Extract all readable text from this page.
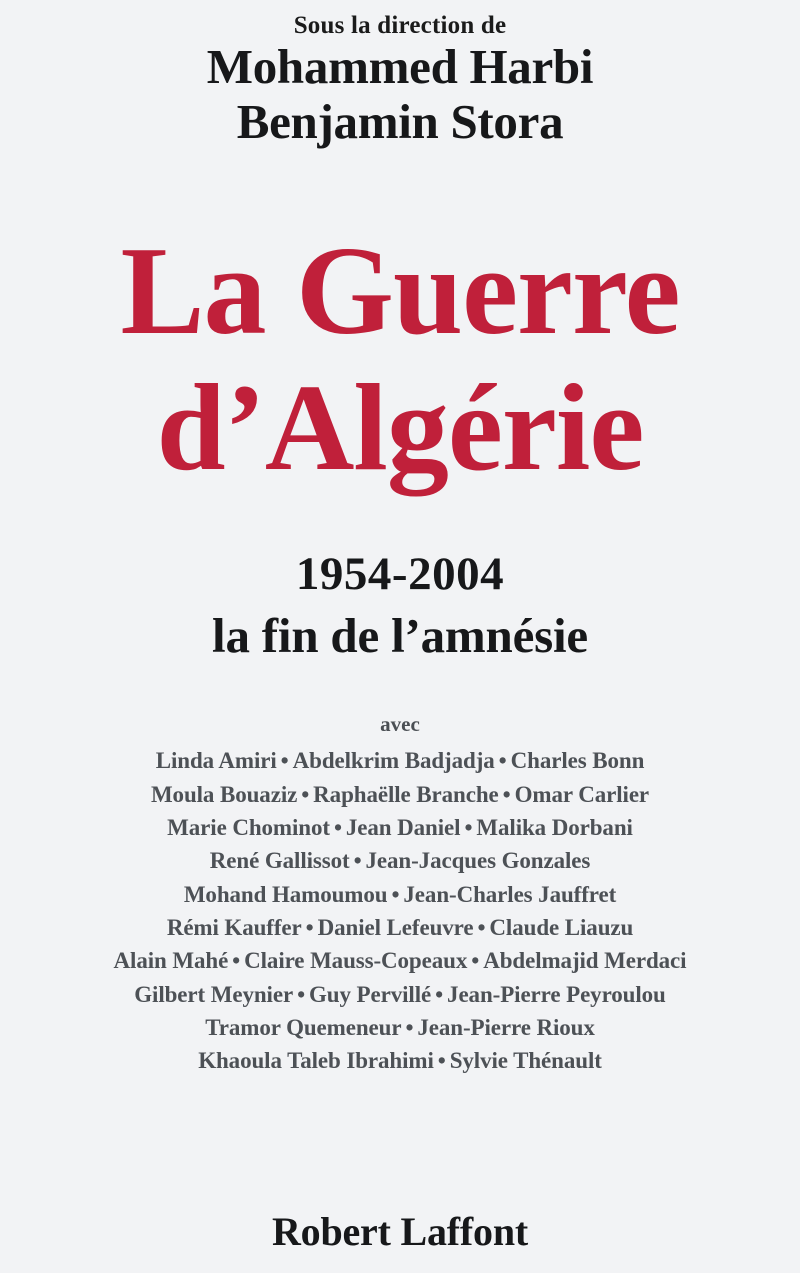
Sous la direction de
Mohammed Harbi
Benjamin Stora
La Guerre
d’Algérie
1954-2004
la fin de l’amnésie
avec
Linda Amiri • Abdelkrim Badjadja • Charles Bonn
Moula Bouaziz • Raphaëlle Branche • Omar Carlier
Marie Chominot • Jean Daniel • Malika Dorbani
René Gallissot • Jean-Jacques Gonzales
Mohand Hamoumou • Jean-Charles Jauffret
Rémi Kauffer • Daniel Lefeuvre • Claude Liauzu
Alain Mahé • Claire Mauss-Copeaux • Abdelmajid Merdaci
Gilbert Meynier • Guy Pervillé • Jean-Pierre Peyroulou
Tramor Quemeneur • Jean-Pierre Rioux
Khaoula Taleb Ibrahimi • Sylvie Thénault
Robert Laffont
